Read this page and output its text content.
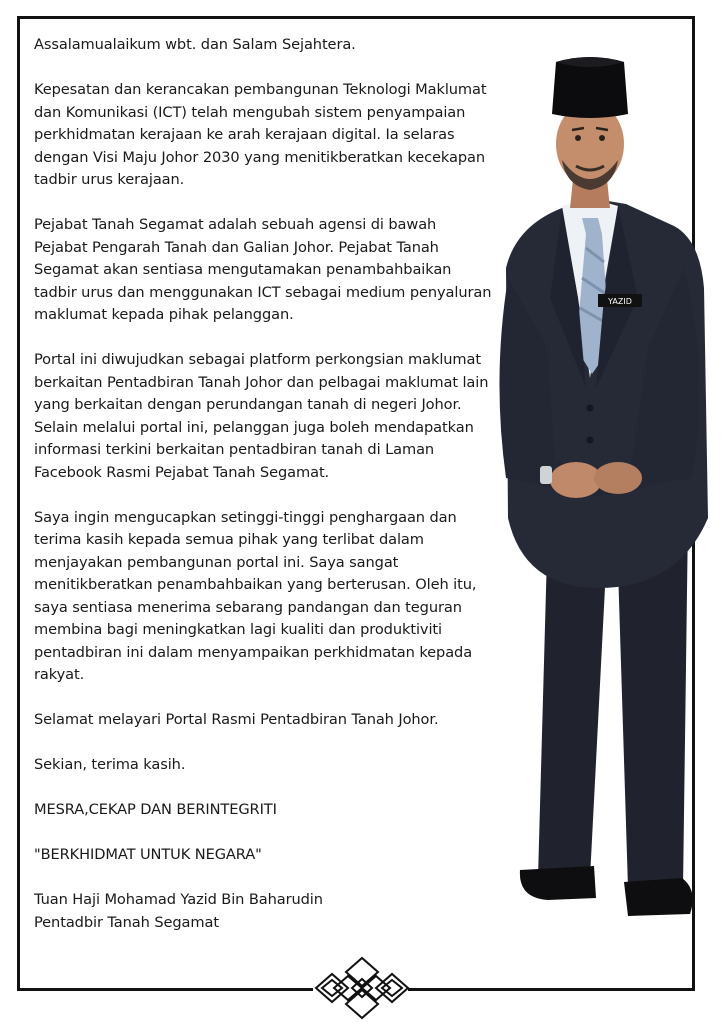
Assalamualaikum wbt. dan Salam Sejahtera.

Kepesatan dan kerancakan pembangunan Teknologi Maklumat dan Komunikasi (ICT) telah mengubah sistem penyampaian perkhidmatan kerajaan ke arah kerajaan digital. Ia selaras dengan Visi Maju Johor 2030 yang menitikberatkan kecekapan tadbir urus kerajaan.

Pejabat Tanah Segamat adalah sebuah agensi di bawah Pejabat Pengarah Tanah dan Galian Johor. Pejabat Tanah Segamat akan sentiasa mengutamakan penambahbaikan tadbir urus dan menggunakan ICT sebagai medium penyaluran maklumat kepada pihak pelanggan.

Portal ini diwujudkan sebagai platform perkongsian maklumat berkaitan Pentadbiran Tanah Johor dan pelbagai maklumat lain yang berkaitan dengan perundangan tanah di negeri Johor. Selain melalui portal ini, pelanggan juga boleh mendapatkan informasi terkini berkaitan pentadbiran tanah di Laman Facebook Rasmi Pejabat Tanah Segamat.

Saya ingin mengucapkan setinggi-tinggi penghargaan dan terima kasih kepada semua pihak yang terlibat dalam menjayakan pembangunan portal ini. Saya sangat menitikberatkan penambahbaikan yang berterusan. Oleh itu, saya sentiasa menerima sebarang pandangan dan teguran membina bagi meningkatkan lagi kualiti dan produktiviti pentadbiran ini dalam menyampaikan perkhidmatan kepada rakyat.

Selamat melayari Portal Rasmi Pentadbiran Tanah Johor.

Sekian, terima kasih.

MESRA,CEKAP DAN BERINTEGRITI

"BERKHIDMAT UNTUK NEGARA"

Tuan Haji Mohamad Yazid Bin Baharudin

Pentadbir Tanah Segamat

YAZID
